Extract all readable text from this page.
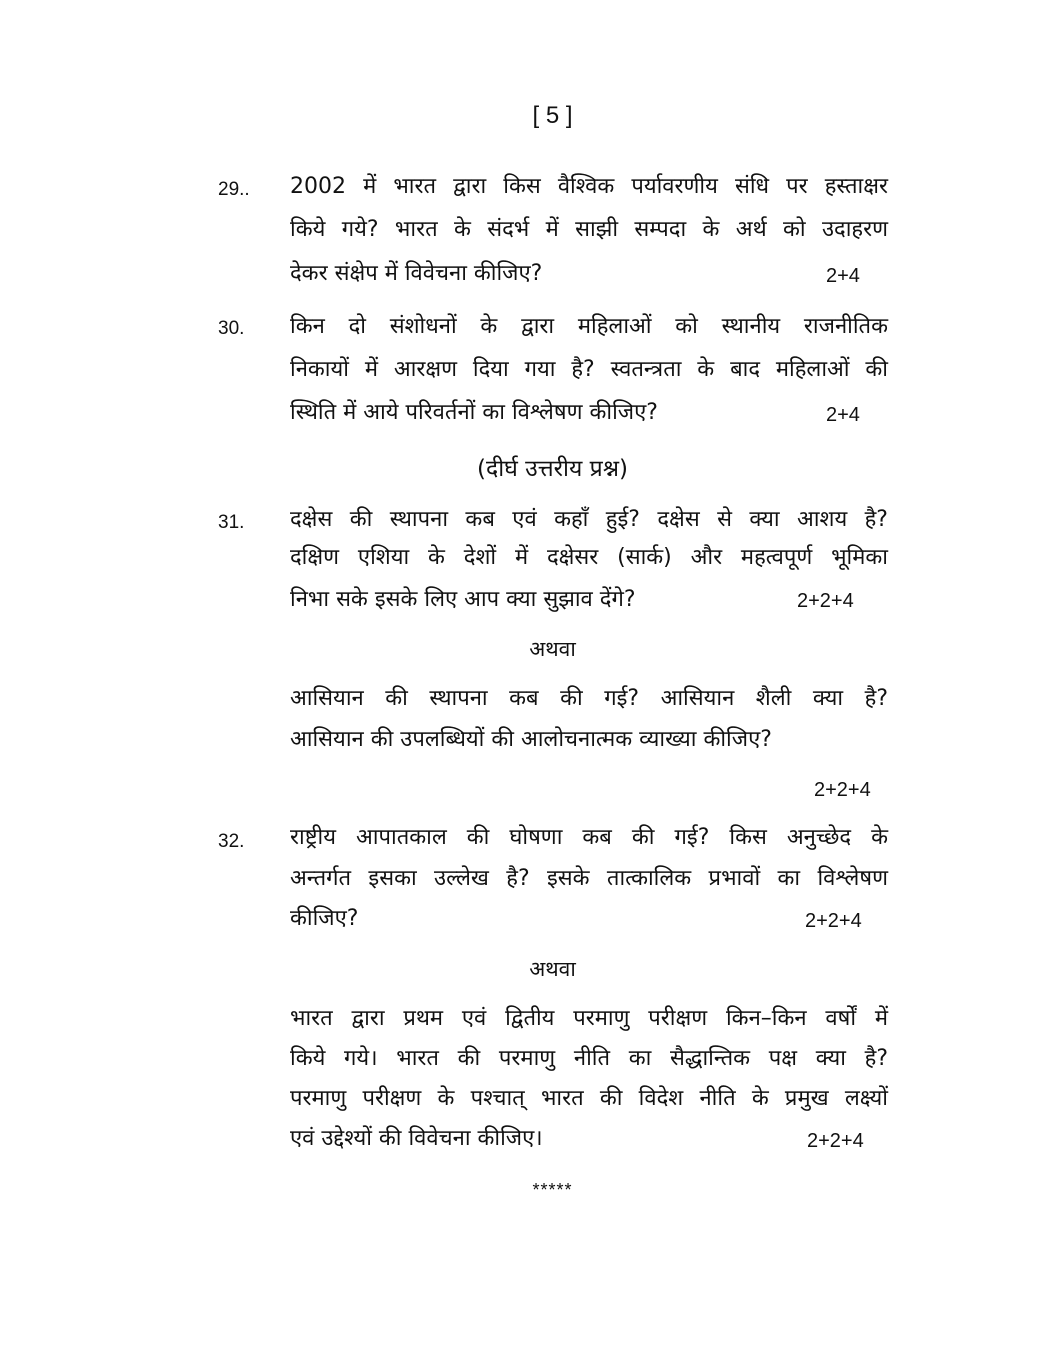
[ 5 ]
29.. 2002 में भारत द्वारा किस वैश्विक पर्यावरणीय संधि पर हस्ताक्षर
किये गये? भारत के संदर्भ में साझी सम्पदा के अर्थ को उदाहरण
देकर संक्षेप में विवेचना कीजिए?	2+4
30. किन दो संशोधनों के द्वारा महिलाओं को स्थानीय राजनीतिक
निकायों में आरक्षण दिया गया है? स्वतन्त्रता के बाद महिलाओं की
स्थिति में आये परिवर्तनों का विश्लेषण कीजिए?	2+4
(दीर्घ उत्तरीय प्रश्न)
31. दक्षेस की स्थापना कब एवं कहाँ हुई? दक्षेस से क्या आशय है?
दक्षिण एशिया के देशों में दक्षेसर (सार्क) और महत्वपूर्ण भूमिका
निभा सके इसके लिए आप क्या सुझाव देंगे?	2+2+4
अथवा
आसियान की स्थापना कब की गई? आसियान शैली क्या है?
आसियान की उपलब्धियों की आलोचनात्मक व्याख्या कीजिए?
2+2+4
32. राष्ट्रीय आपातकाल की घोषणा कब की गई? किस अनुच्छेद के
अन्तर्गत इसका उल्लेख है? इसके तात्कालिक प्रभावों का विश्लेषण
कीजिए?	2+2+4
अथवा
भारत द्वारा प्रथम एवं द्वितीय परमाणु परीक्षण किन–किन वर्षों में
किये गये। भारत की परमाणु नीति का सैद्धान्तिक पक्ष क्या है?
परमाणु परीक्षण के पश्चात् भारत की विदेश नीति के प्रमुख लक्ष्यों
एवं उद्देश्यों की विवेचना कीजिए।	2+2+4
*****
